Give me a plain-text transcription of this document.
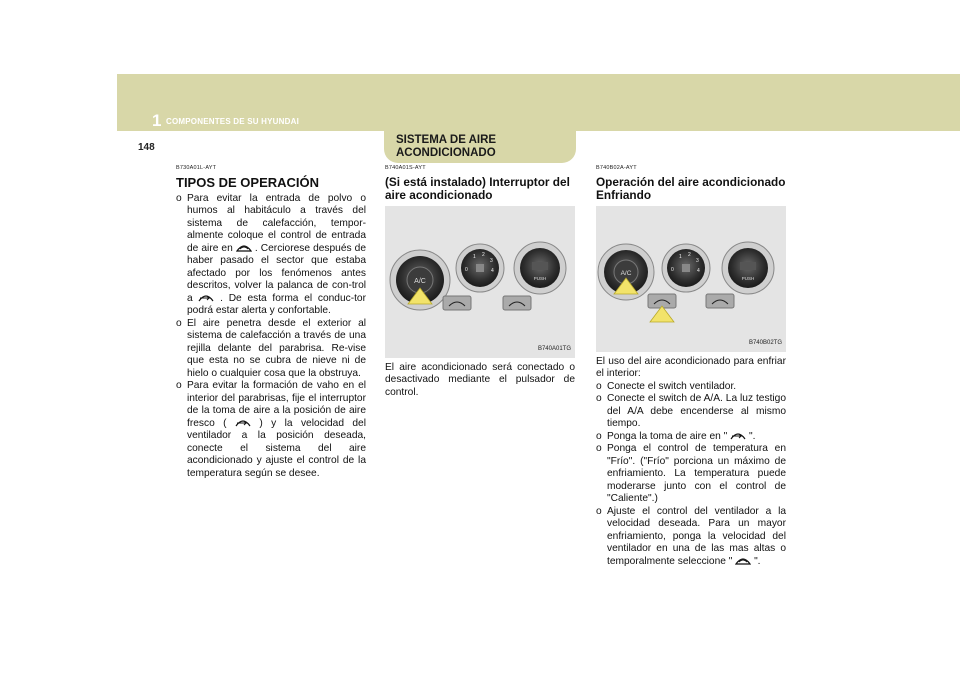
1 COMPONENTES DE SU HYUNDAI
148
SISTEMA DE AIRE ACONDICIONADO
B730A01L-AYT
TIPOS DE OPERACIÓN
o Para evitar la entrada de polvo o humos al habitáculo a través del sistema de calefacción, tempor-almente coloque el control de entrada de aire en . Cerciorese después de haber pasado el sector que estaba afectado por los fenómenos antes descritos, volver la palanca de con-trol a	. De esta forma el conduc-tor podrá estar alerta y confortable.
o El aire penetra desde el exterior al sistema de calefacción a través de una rejilla delante del parabrisa. Re-vise que esta no se cubra de nieve ni de hielo o cualquier cosa que la obstruya.
o Para evitar la formación de vaho en el interior del parabrisas, fije el interruptor de la toma de aire a la posición de aire fresco (	) y la velocidad del ventilador a la posición deseada, conecte el sistema del aire acondicionado y ajuste el control de la temperatura según se desee.
B740A01S-AYT
(Si está instalado) Interruptor del aire acondicionado
A/C
1 2
3
4
0
PUSH
B740A01TG
El aire acondicionado será conectado o desactivado mediante el pulsador de control.
B740B02A-AYT
Operación del aire acondicionado Enfriando
A/C
1 2
3
4
0
PUSH
B740B02TG
El uso del aire acondicionado para enfriar el interior:
o Conecte el switch ventilador.
o Conecte el switch de A/A. La luz testigo del A/A debe encenderse al mismo tiempo.
o Ponga la toma de aire en " ".
o Ponga el control de temperatura en "Frío". ("Frío" porciona un máximo de enfriamiento. La temperatura puede moderarse junto con el control de "Caliente".)
o Ajuste el control del ventilador a la velocidad deseada. Para un mayor enfriamiento, ponga la velocidad del ventilador en una de las mas altas o temporalmente seleccione " ".
